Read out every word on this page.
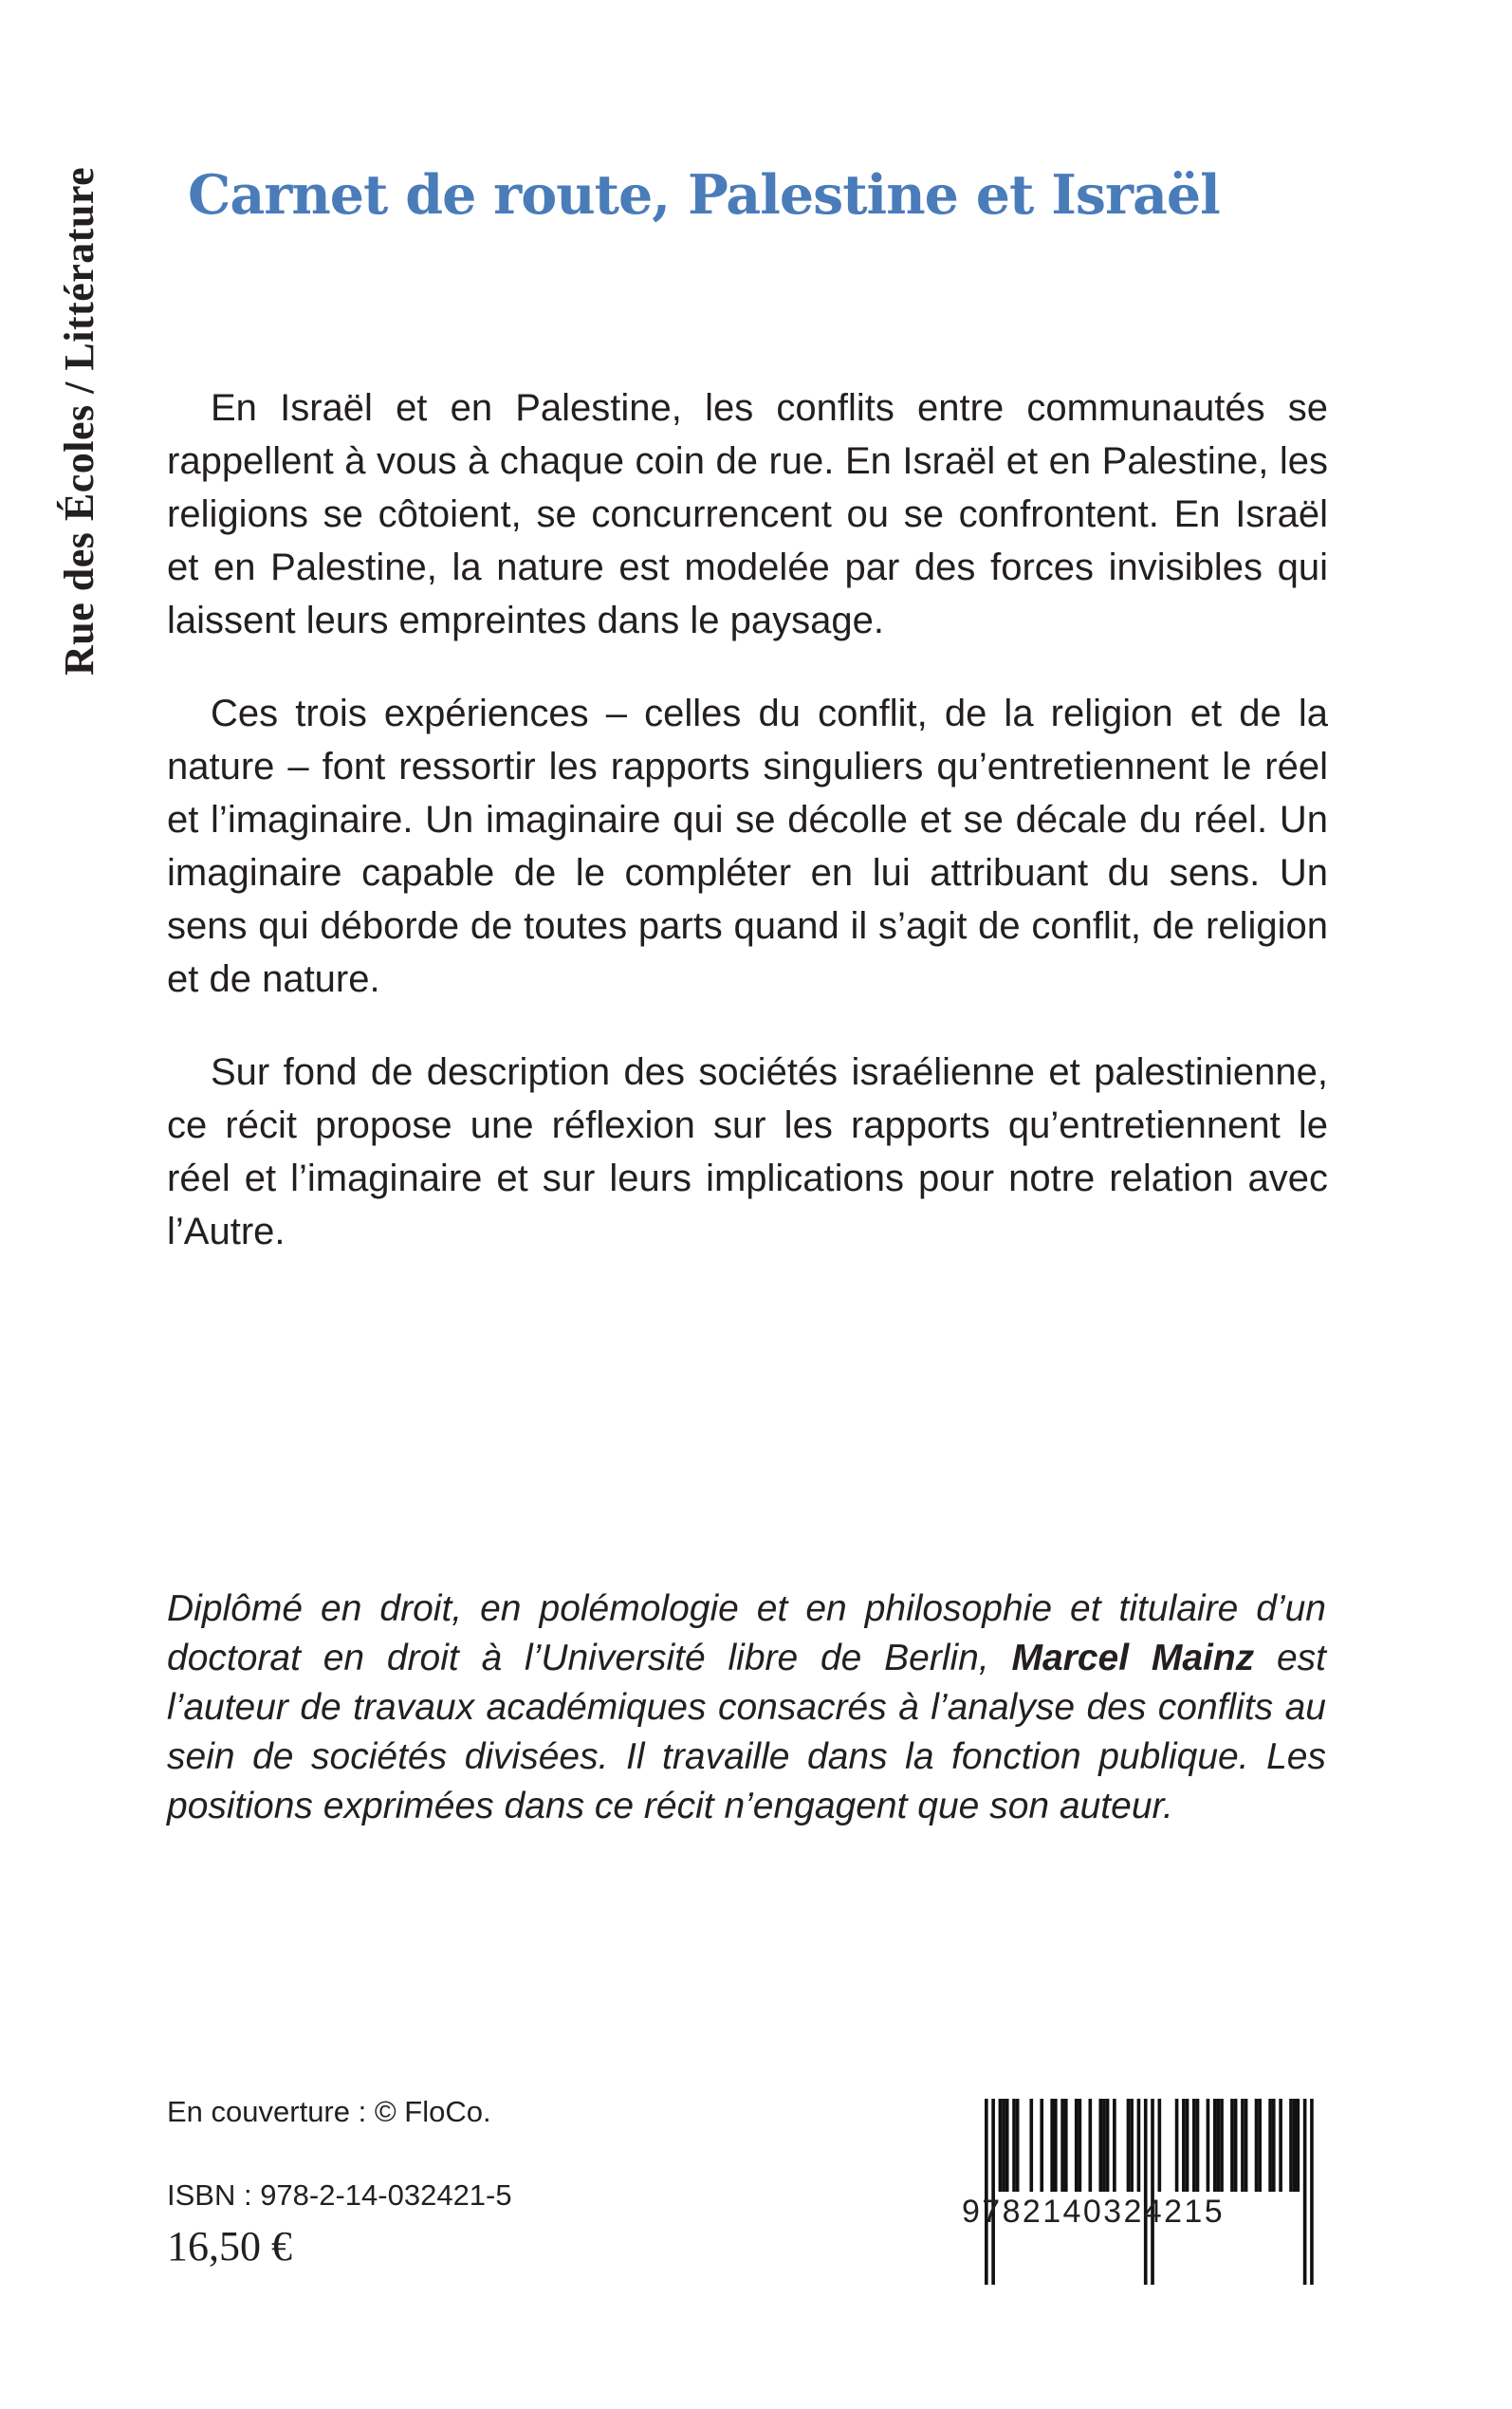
Rue des Écoles / Littérature Carnet de route, Palestine et Israël

En Israël et en Palestine, les conflits entre communautés se rappellent à vous à chaque coin de rue. En Israël et en Palestine, les religions se côtoient, se concurrencent ou se confrontent. En Israël et en Palestine, la nature est modelée par des forces invisibles qui laissent leurs empreintes dans le paysage.

Ces trois expériences – celles du conflit, de la religion et de la nature – font ressortir les rapports singuliers qu’entretiennent le réel et l’imaginaire. Un imaginaire qui se décolle et se décale du réel. Un imaginaire capable de le compléter en lui attribuant du sens. Un sens qui déborde de toutes parts quand il s’agit de conflit, de religion et de nature.

Sur fond de description des sociétés israélienne et palestinienne, ce récit propose une réflexion sur les rapports qu’entretiennent le réel et l’imaginaire et sur leurs implications pour notre relation avec l’Autre.

Diplômé en droit, en polémologie et en philosophie et titulaire d’un doctorat en droit à l’Université libre de Berlin, Marcel Mainz est l’auteur de travaux académiques consacrés à l’analyse des conflits au sein de sociétés divisées. Il travaille dans la fonction publique. Les positions exprimées dans ce récit n’engagent que son auteur.
En couverture : © FloCo.
ISBN : 978-2-14-032421-5
16,50 €
9782140324215
